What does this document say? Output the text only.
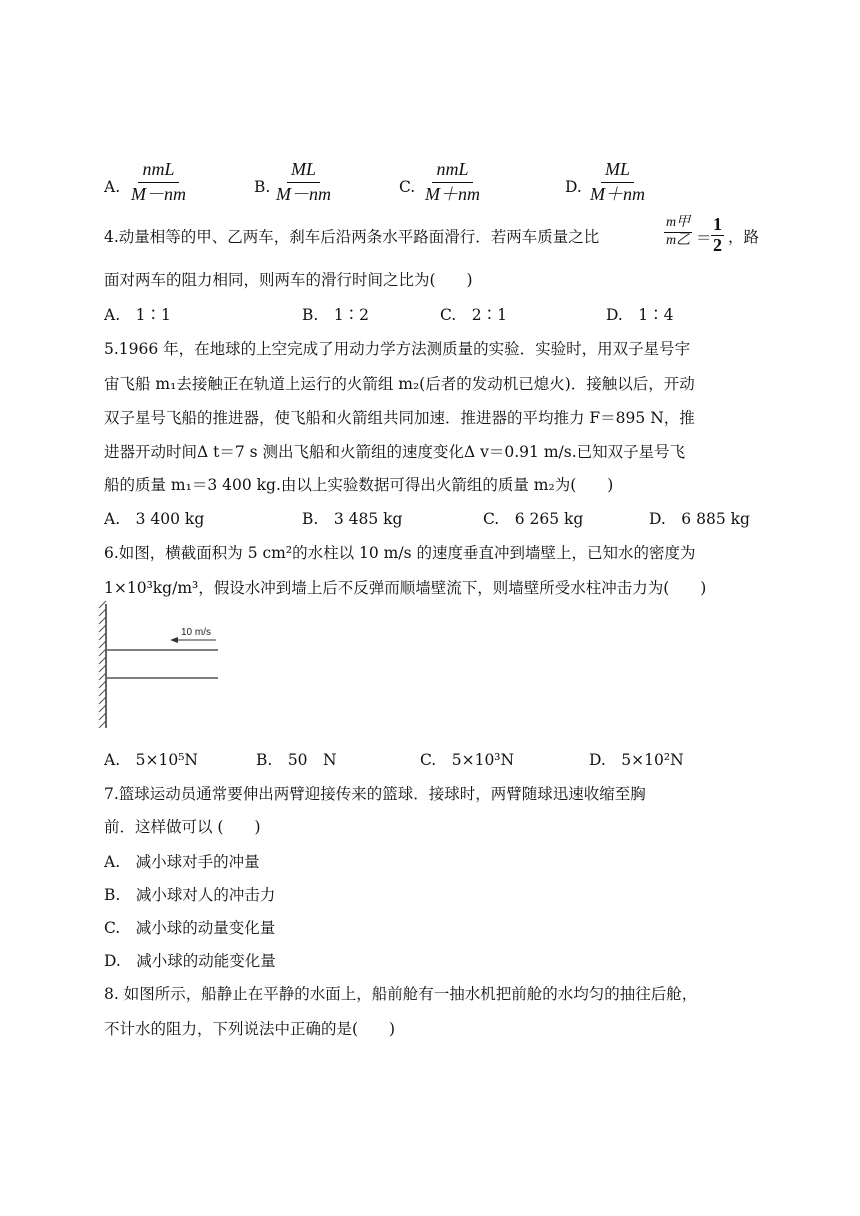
A.
nmL
M－nm	B. $\frac{ML}{M-nm}$	C.
nmL
M＋nm	D. $\frac{ML}{M+nm}$
4.动量相等的甲、乙两车，刹车后沿两条水平路面滑行．若两车质量之比
m甲
m乙 ＝ $\frac{1}{2}$ ，路
面对两车的阻力相同，则两车的滑行时间之比为(　　)
A.　1∶1	B.　1∶2	C.　2∶1	D.　1∶4
5.1966 年，在地球的上空完成了用动力学方法测质量的实验．实验时，用双子星号宇
宙飞船 m₁去接触正在轨道上运行的火箭组 m₂(后者的发动机已熄火)．接触以后，开动
双子星号飞船的推进器，使飞船和火箭组共同加速．推进器的平均推力 F＝895 N，推
进器开动时间Δ t＝7 s 测出飞船和火箭组的速度变化Δ v＝0.91 m/s.已知双子星号飞
船的质量 m₁＝3 400 kg.由以上实验数据可得出火箭组的质量 m₂为(　　)
A.　3 400 kg	B.　3 485 kg	C.　6 265 kg	D.　6 885 kg
6.如图，横截面积为 5 cm²的水柱以 10 m/s 的速度垂直冲到墙壁上，已知水的密度为
1×10³kg/m³，假设水冲到墙上后不反弹而顺墙壁流下，则墙壁所受水柱冲击力为(　　)
10 m/s
A.　5×10⁵N	B.　50　N	C.　5×10³N	D.　5×10²N
7.篮球运动员通常要伸出两臂迎接传来的篮球．接球时，两臂随球迅速收缩至胸
前．这样做可以 (　　)
A.　减小球对手的冲量
B.　减小球对人的冲击力
C.　减小球的动量变化量
D.　减小球的动能变化量
8. 如图所示，船静止在平静的水面上，船前舱有一抽水机把前舱的水均匀的抽往后舱，
不计水的阻力，下列说法中正确的是(　　)
